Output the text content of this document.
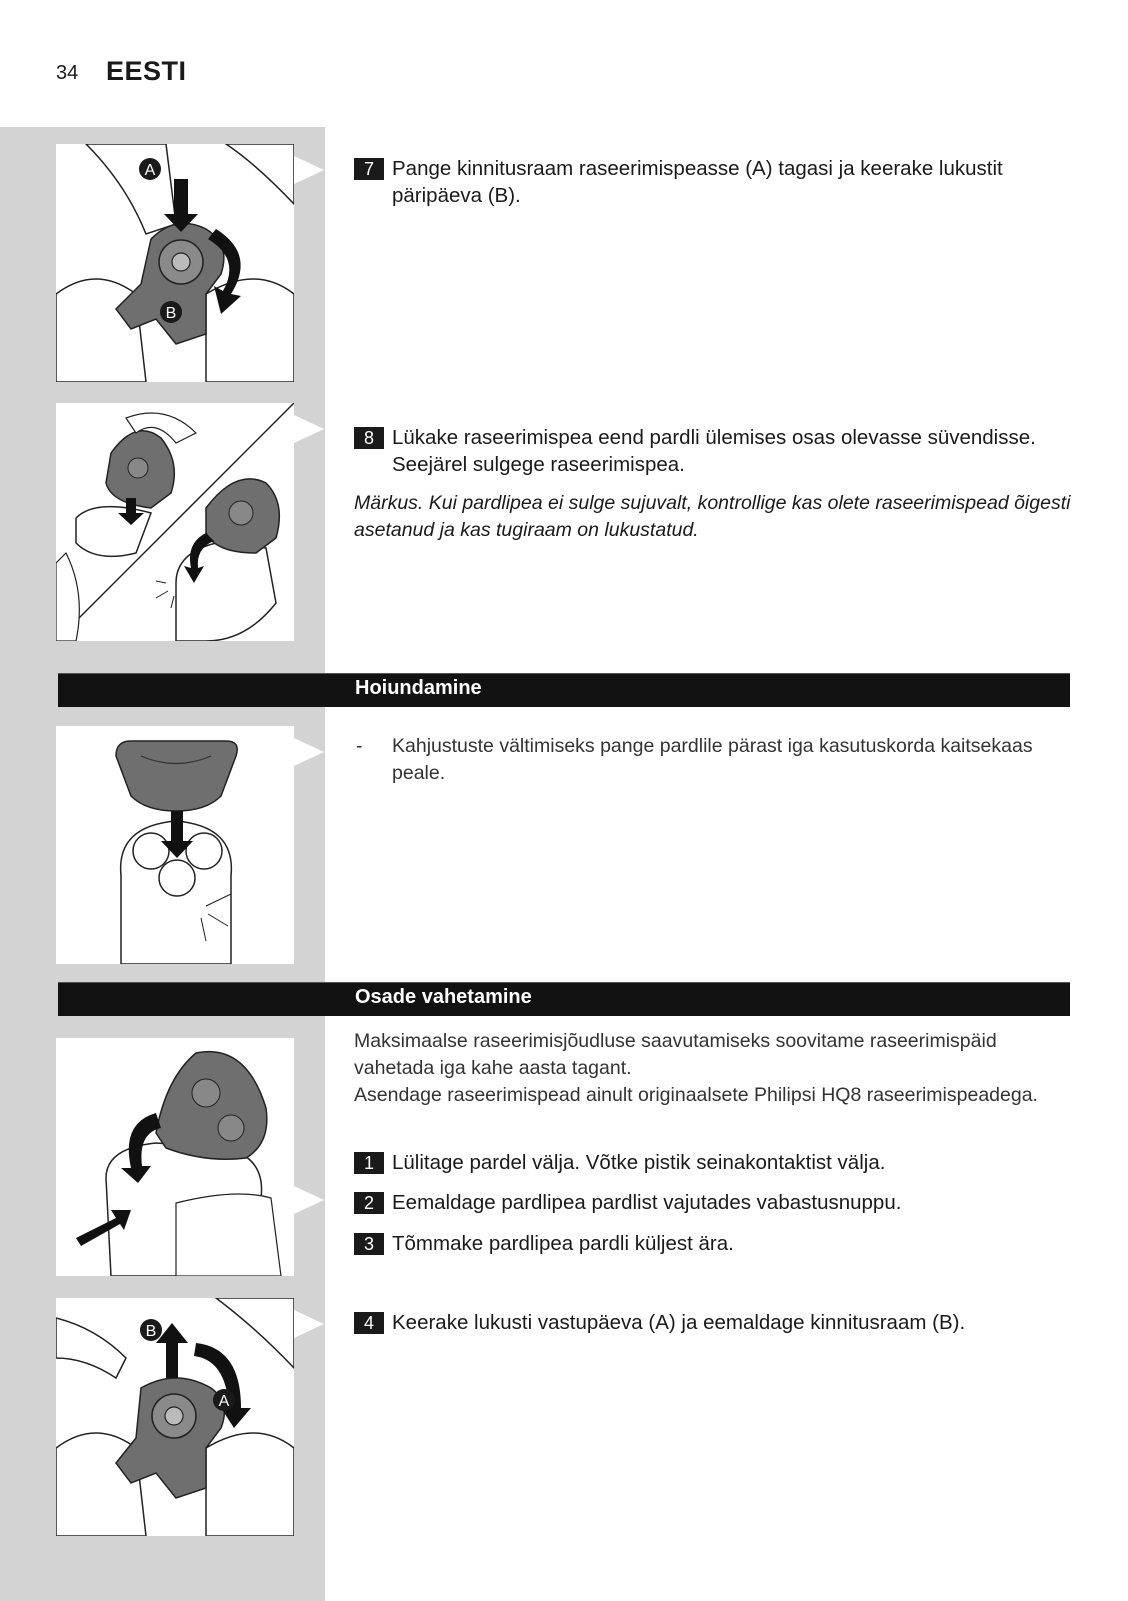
34 EESTI
A
B
7 Pange kinnitusraam raseerimispeasse (A) tagasi ja keerake lukustit päripäeva (B).
8 Lükake raseerimispea eend pardli ülemises osas olevasse süvendisse. Seejärel sulgege raseerimispea.
Märkus. Kui pardlipea ei sulge sujuvalt, kontrollige kas olete raseerimispead õigesti asetanud ja kas tugiraam on lukustatud.
Hoiundamine
-	Kahjustuste vältimiseks pange pardlile pärast iga kasutuskorda kaitsekaas peale.
Osade vahetamine
Maksimaalse raseerimisjõudluse saavutamiseks soovitame raseerimispäid vahetada iga kahe aasta tagant.
Asendage raseerimispead ainult originaalsete Philipsi HQ8 raseerimispeadega.
1 Lülitage pardel välja. Võtke pistik seinakontaktist välja.
2 Eemaldage pardlipea pardlist vajutades vabastusnuppu.
3 Tõmmake pardlipea pardli küljest ära.
B
A
4 Keerake lukusti vastupäeva (A) ja eemaldage kinnitusraam (B).
